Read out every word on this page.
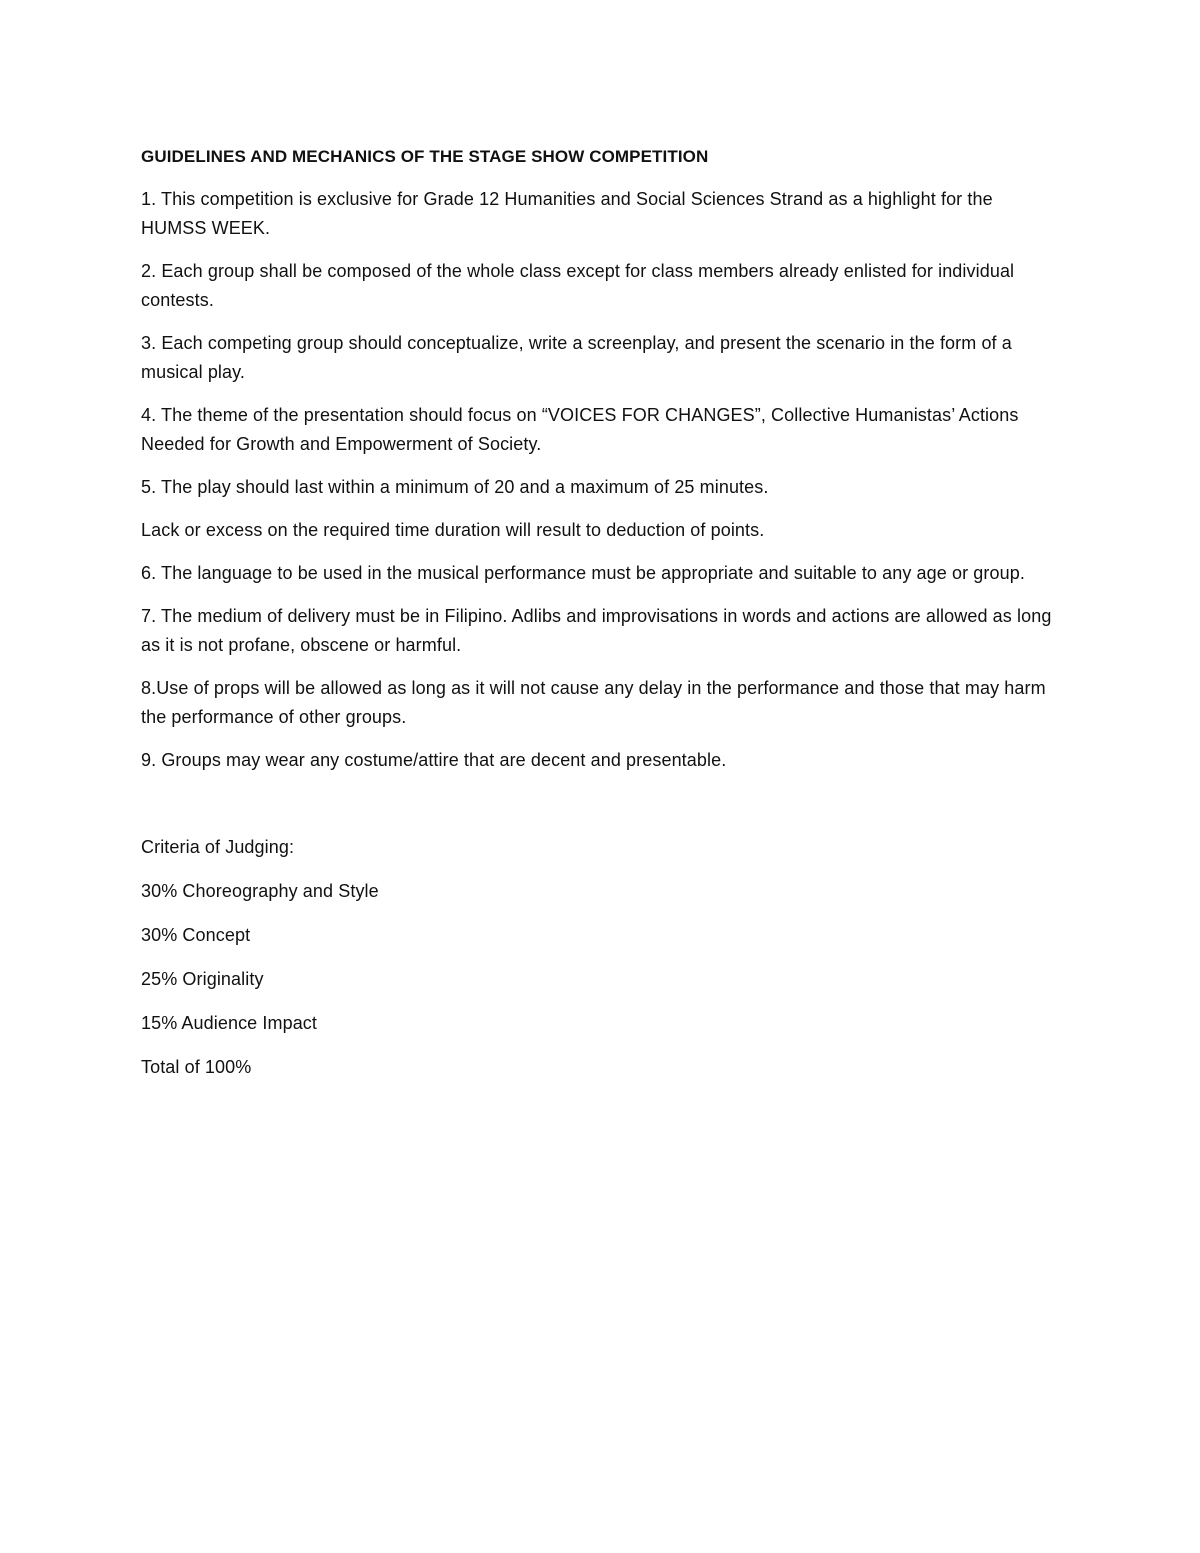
GUIDELINES AND MECHANICS OF THE STAGE SHOW COMPETITION
1. This competition is exclusive for Grade 12 Humanities and Social Sciences Strand as a highlight for the HUMSS WEEK.
2. Each group shall be composed of the whole class except for class members already enlisted for individual contests.
3. Each competing group should conceptualize, write a screenplay, and present the scenario in the form of a musical play.
4. The theme of the presentation should focus on “VOICES FOR CHANGES”, Collective Humanistas’ Actions Needed for Growth and Empowerment of Society.
5. The play should last within a minimum of 20 and a maximum of 25 minutes.
Lack or excess on the required time duration will result to deduction of points.
6. The language to be used in the musical performance must be appropriate and suitable to any age or group.
7. The medium of delivery must be in Filipino. Adlibs and improvisations in words and actions are allowed as long as it is not profane, obscene or harmful.
8.Use of props will be allowed as long as it will not cause any delay in the performance and those that may harm the performance of other groups.
9. Groups may wear any costume/attire that are decent and presentable.
Criteria of Judging:
30% Choreography and Style
30% Concept
25% Originality
15% Audience Impact
Total of 100%
